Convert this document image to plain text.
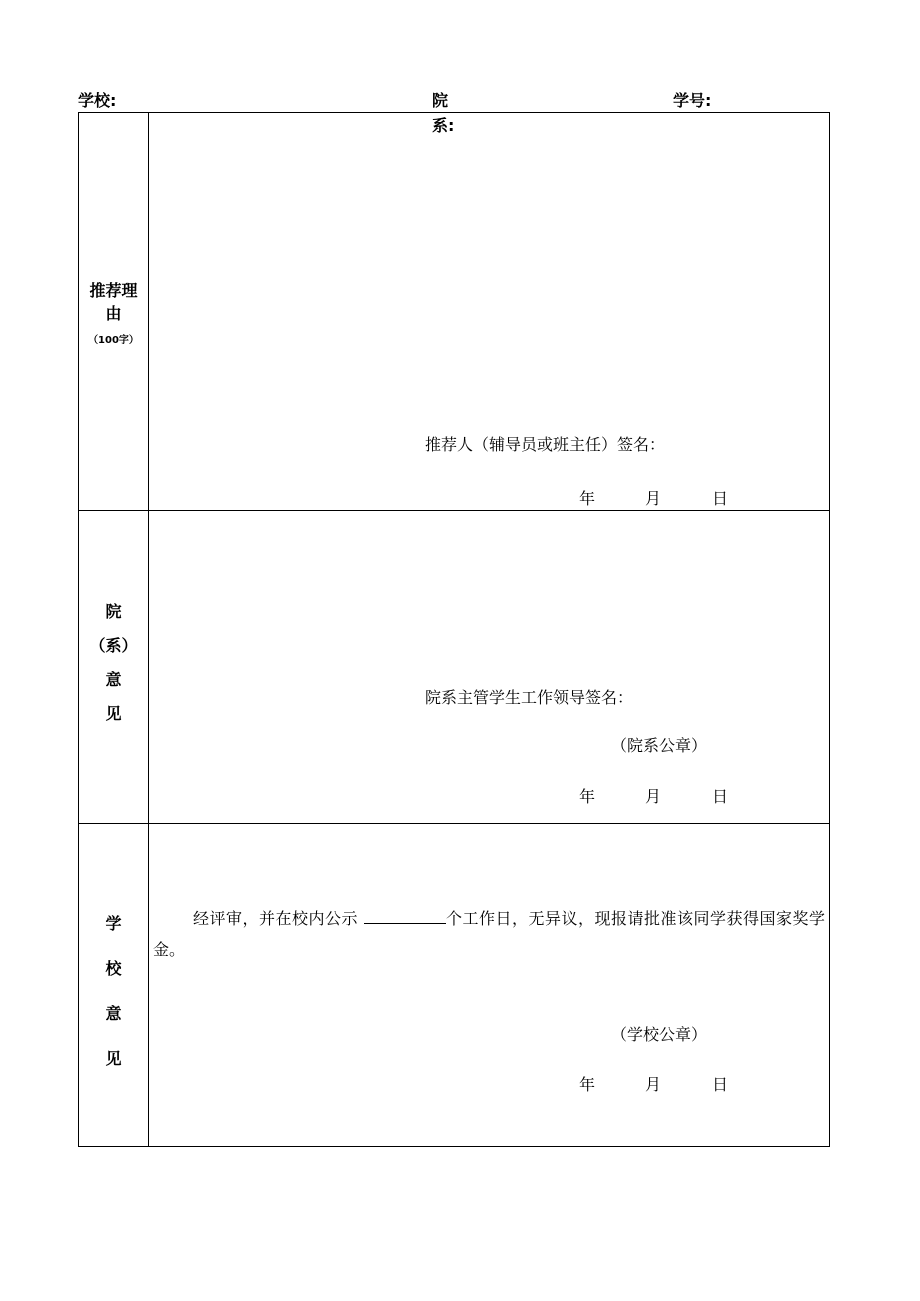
学校:	院
系:
学号:
推荐理
由
（100字）
推荐人（辅导员或班主任）签名：
年	月	日
院
（系）
意
见
院系主管学生工作领导签名：
（院系公章）
年	月	日
学
校
意
见
经评审，并在校内公示	个工作日，无异议，现报请批准该同学获得国家奖学金。
（学校公章）
年	月	日
